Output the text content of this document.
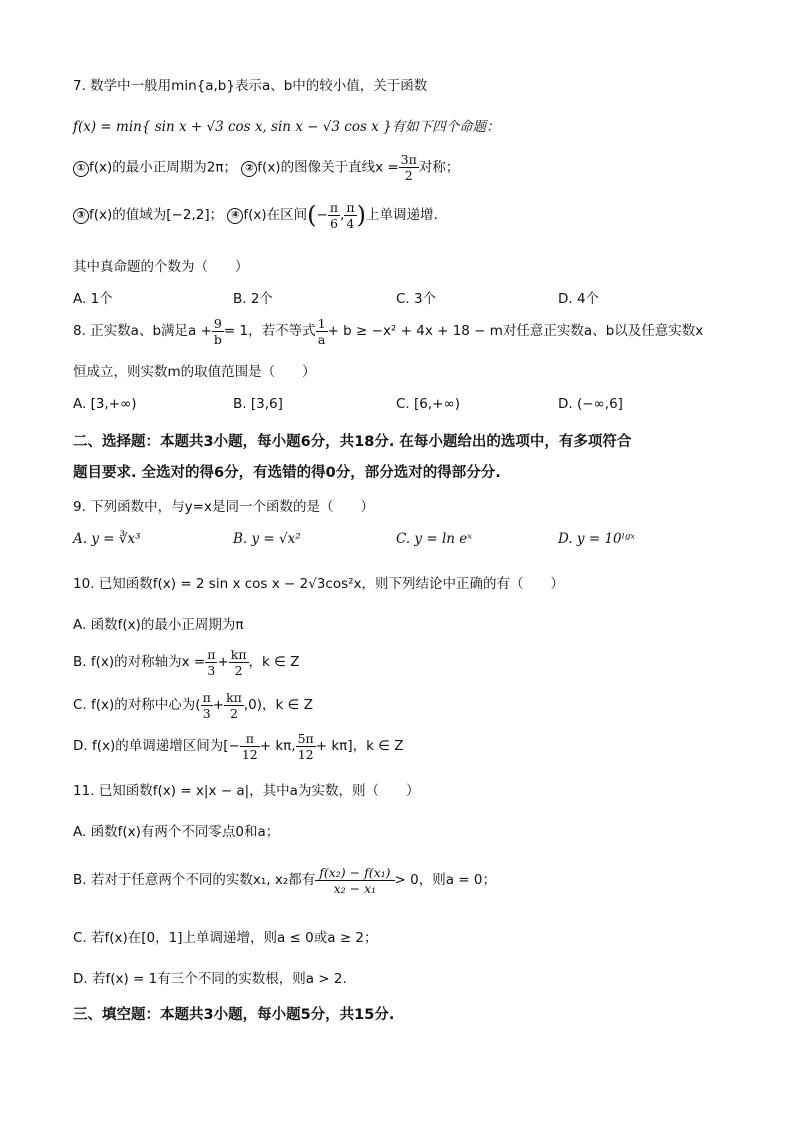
7. 数学中一般用min{a,b}表示a、b中的较小值，关于函数
f(x) = min{ sin x + √3 cos x, sin x − √3 cos x }有如下四个命题：
① f(x)的最小正周期为2π； ② f(x)的图像关于直线$x = \frac{3\pi}{2}$ 对称；
③ f(x)的值域为[−2,2]； ④ f(x)在区间(− $\frac{\pi}{6}$ , $\frac{\pi}{4}$ )上单调递增.
其中真命题的个数为（　　）
A. 1个	B. 2个	C. 3个	D. 4个
8. 正实数a、b满足$a + \frac{9}{b} = 1$，若不等式 $\frac{1}{a} + b \ge -x^2 + 4x + 18 - m$对任意正实数a、b以及任意实数x
恒成立，则实数m的取值范围是（　　）
A. [3,+∞)	B. [3,6]	C. [6,+∞)	D. (−∞,6]
二、选择题：本题共3小题，每小题6分，共18分. 在每小题给出的选项中，有多项符合
题目要求. 全选对的得6分，有选错的得0分，部分选对的得部分分.
9. 下列函数中，与y=x是同一个函数的是（　　）
A. y = ∛x³	B. y = √x²	C. y = ln eˣ	D. y = 10ˡᵍˣ
10. 已知函数f(x) = 2 sin x cos x − 2√3cos²x，则下列结论中正确的有（　　）
A. 函数f(x)的最小正周期为π
B. f(x)的对称轴为$x = \frac{\pi}{3} + \frac{k\pi}{2}$ ，k ∈ Z
C. f(x)的对称中心为( $\frac{\pi}{3} + \frac{k\pi}{2} ,0$)，k ∈ Z
D. f(x)的单调递增区间为[− $\frac{\pi}{12} + k\pi$, $\frac{5\pi}{12} + k\pi$]，k ∈ Z
11. 已知函数f(x) = x|x − a|，其中a为实数，则（　　）
A. 函数f(x)有两个不同零点0和a；
B. 若对于任意两个不同的实数x₁, x₂都有 $\frac{\text{f(x₂) − f(x₁)}}{\text{x₂ − x₁}} > 0$，则a = 0；
C. 若f(x)在[0，1]上单调递增，则a ≤ 0或a ≥ 2；
D. 若f(x) = 1有三个不同的实数根，则a > 2.
三、填空题：本题共3小题，每小题5分，共15分.
